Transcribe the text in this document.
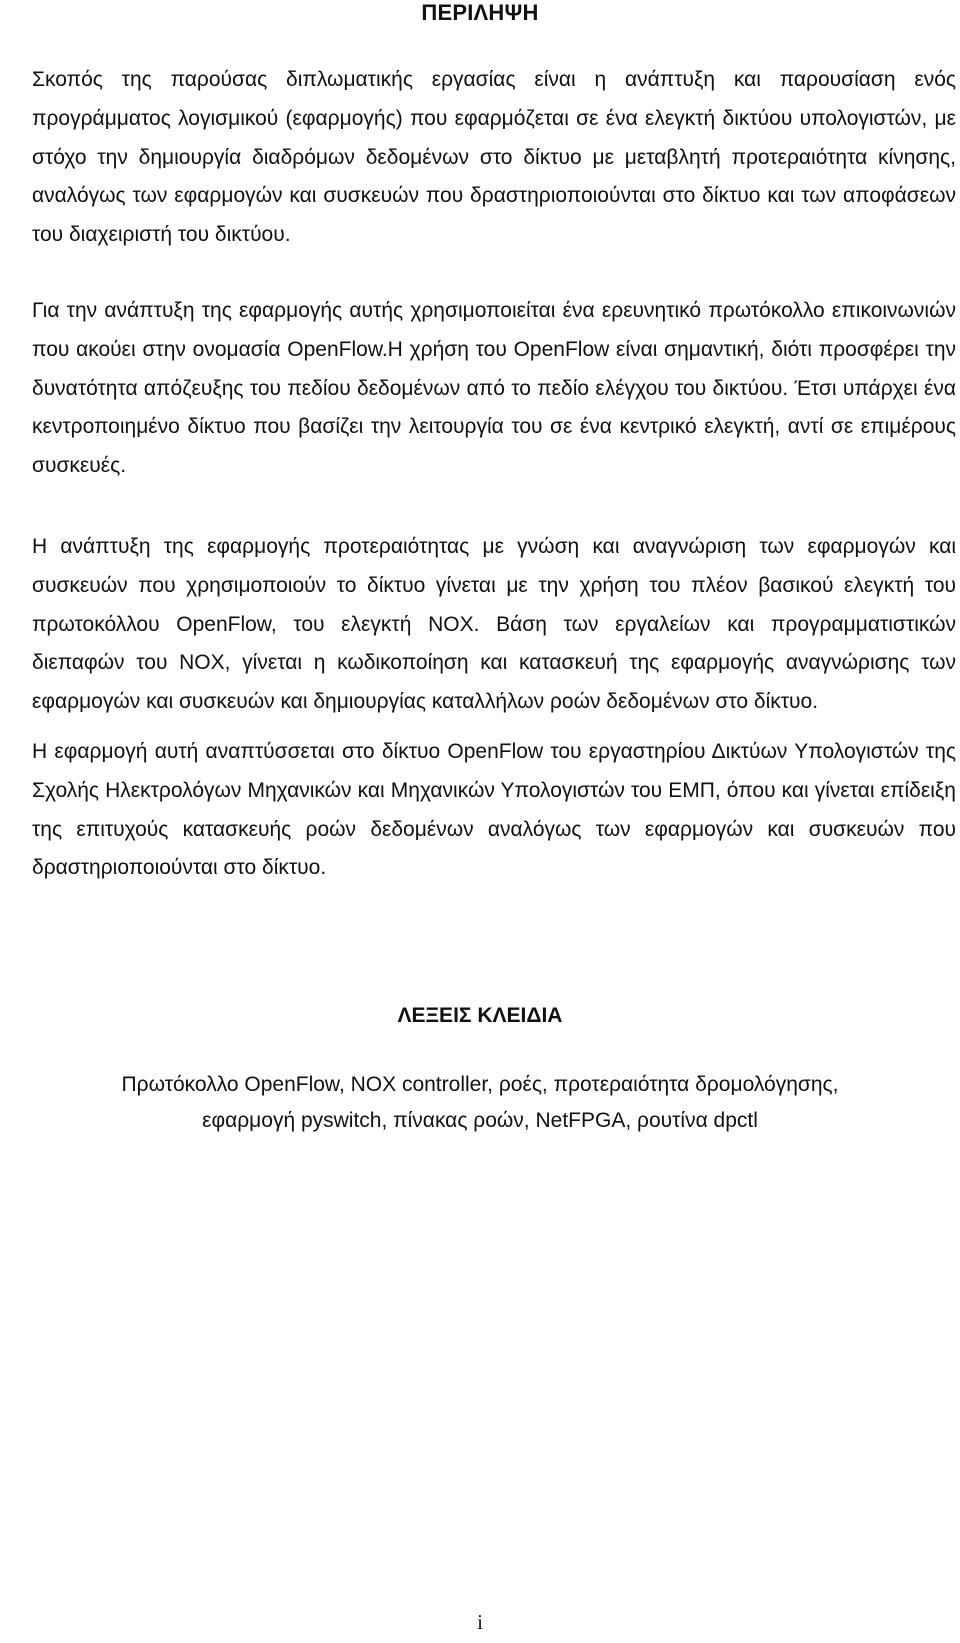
ΠΕΡΙΛΗΨΗ

Σκοπός της παρούσας διπλωματικής εργασίας είναι η ανάπτυξη και παρουσίαση ενός προγράμματος λογισμικού (εφαρμογής) που εφαρμόζεται σε ένα ελεγκτή δικτύου υπολογιστών, με στόχο την δημιουργία διαδρόμων δεδομένων στο δίκτυο με μεταβλητή προτεραιότητα κίνησης, αναλόγως των εφαρμογών και συσκευών που δραστηριοποιούνται στο δίκτυο και των αποφάσεων του διαχειριστή του δικτύου.

Για την ανάπτυξη της εφαρμογής αυτής χρησιμοποιείται ένα ερευνητικό πρωτόκολλο επικοινωνιών που ακούει στην ονομασία OpenFlow.Η χρήση του OpenFlow είναι σημαντική, διότι προσφέρει την δυνατότητα απόζευξης του πεδίου δεδομένων από το πεδίο ελέγχου του δικτύου. Έτσι υπάρχει ένα κεντροποιημένο δίκτυο που βασίζει την λειτουργία του σε ένα κεντρικό ελεγκτή, αντί σε επιμέρους συσκευές.

Η ανάπτυξη της εφαρμογής προτεραιότητας με γνώση και αναγνώριση των εφαρμογών και συσκευών που χρησιμοποιούν το δίκτυο γίνεται με την χρήση του πλέον βασικού ελεγκτή του πρωτοκόλλου OpenFlow, του ελεγκτή NOX. Βάση των εργαλείων και προγραμματιστικών διεπαφών του NOX, γίνεται η κωδικοποίηση και κατασκευή της εφαρμογής αναγνώρισης των εφαρμογών και συσκευών και δημιουργίας καταλλήλων ροών δεδομένων στο δίκτυο.

Η εφαρμογή αυτή αναπτύσσεται στο δίκτυο OpenFlow του εργαστηρίου Δικτύων Υπολογιστών της Σχολής Ηλεκτρολόγων Μηχανικών και Μηχανικών Υπολογιστών του ΕΜΠ, όπου και γίνεται επίδειξη της επιτυχούς κατασκευής ροών δεδομένων αναλόγως των εφαρμογών και συσκευών που δραστηριοποιούνται στο δίκτυο.

ΛΕΞΕΙΣ ΚΛΕΙΔΙΑ

Πρωτόκολλο OpenFlow, NOX controller, ροές, προτεραιότητα δρομολόγησης,
εφαρμογή pyswitch, πίνακας ροών, NetFPGA, ρουτίνα dpctl

i
